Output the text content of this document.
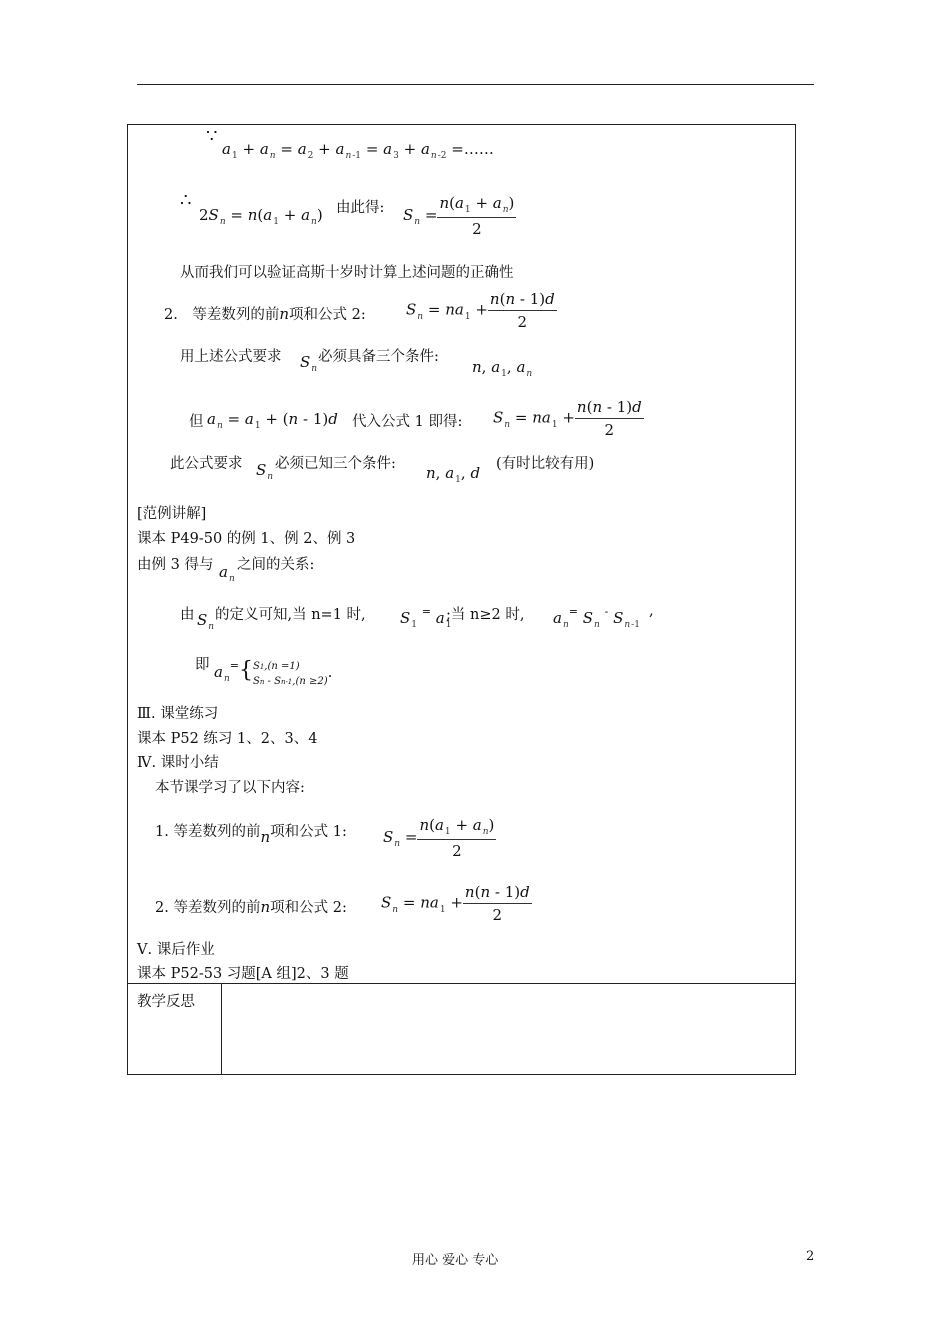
∵
$a_1 + a_n = a_2 + a_{n-1} = a_3 + a_{n-2}$ =……
∴
$2S_n = n(a_1 + a_n)$ 由此得: $S_n = \frac{n(a_1 + a_n)}{2}$
从而我们可以验证高斯十岁时计算上述问题的正确性
2.　等差数列的前n项和公式 2:	$S_n = na_1 + \frac{n(n - 1)d}{2}$
用上述公式要求 $S_n$
必须具备三个条件:
n, $a_1$, $a_n$
但 $a_n = a_1 + (n - 1)d$ 代入公式 1 即得: $S_n = na_1 + \frac{n(n - 1)d}{2}$
此公式要求 $S_n$
必须已知三个条件: n, $a_1$, d (有时比较有用)
[范例讲解]
课本 P49-50 的例 1、例 2、例 3
由例 3 得与 $a_n$
之间的关系:
由 $S_n$
的定义可知,当 n=1 时, $S_1$ = $a_1$
;当 n≥2 时, $a_n^=$ $S_n$ - $S_{n-1}$
,
即 $a_n^=\{S1,(n =1)$
Sn - Sn-1,(n ≥2).
Ⅲ. 课堂练习
课本 P52 练习 1、2、3、4
Ⅳ. 课时小结
本节课学习了以下内容:
1. 等差数列的前n项和公式 1: $S_n = \frac{n(a_1 + a_n)}{2}$
2. 等差数列的前n项和公式 2: $S_n = na_1 + \frac{n(n - 1)d}{2}$
Ⅴ. 课后作业
课本 P52-53 习题[A 组]2、3 题
教学反思
用心 爱心 专心	2
